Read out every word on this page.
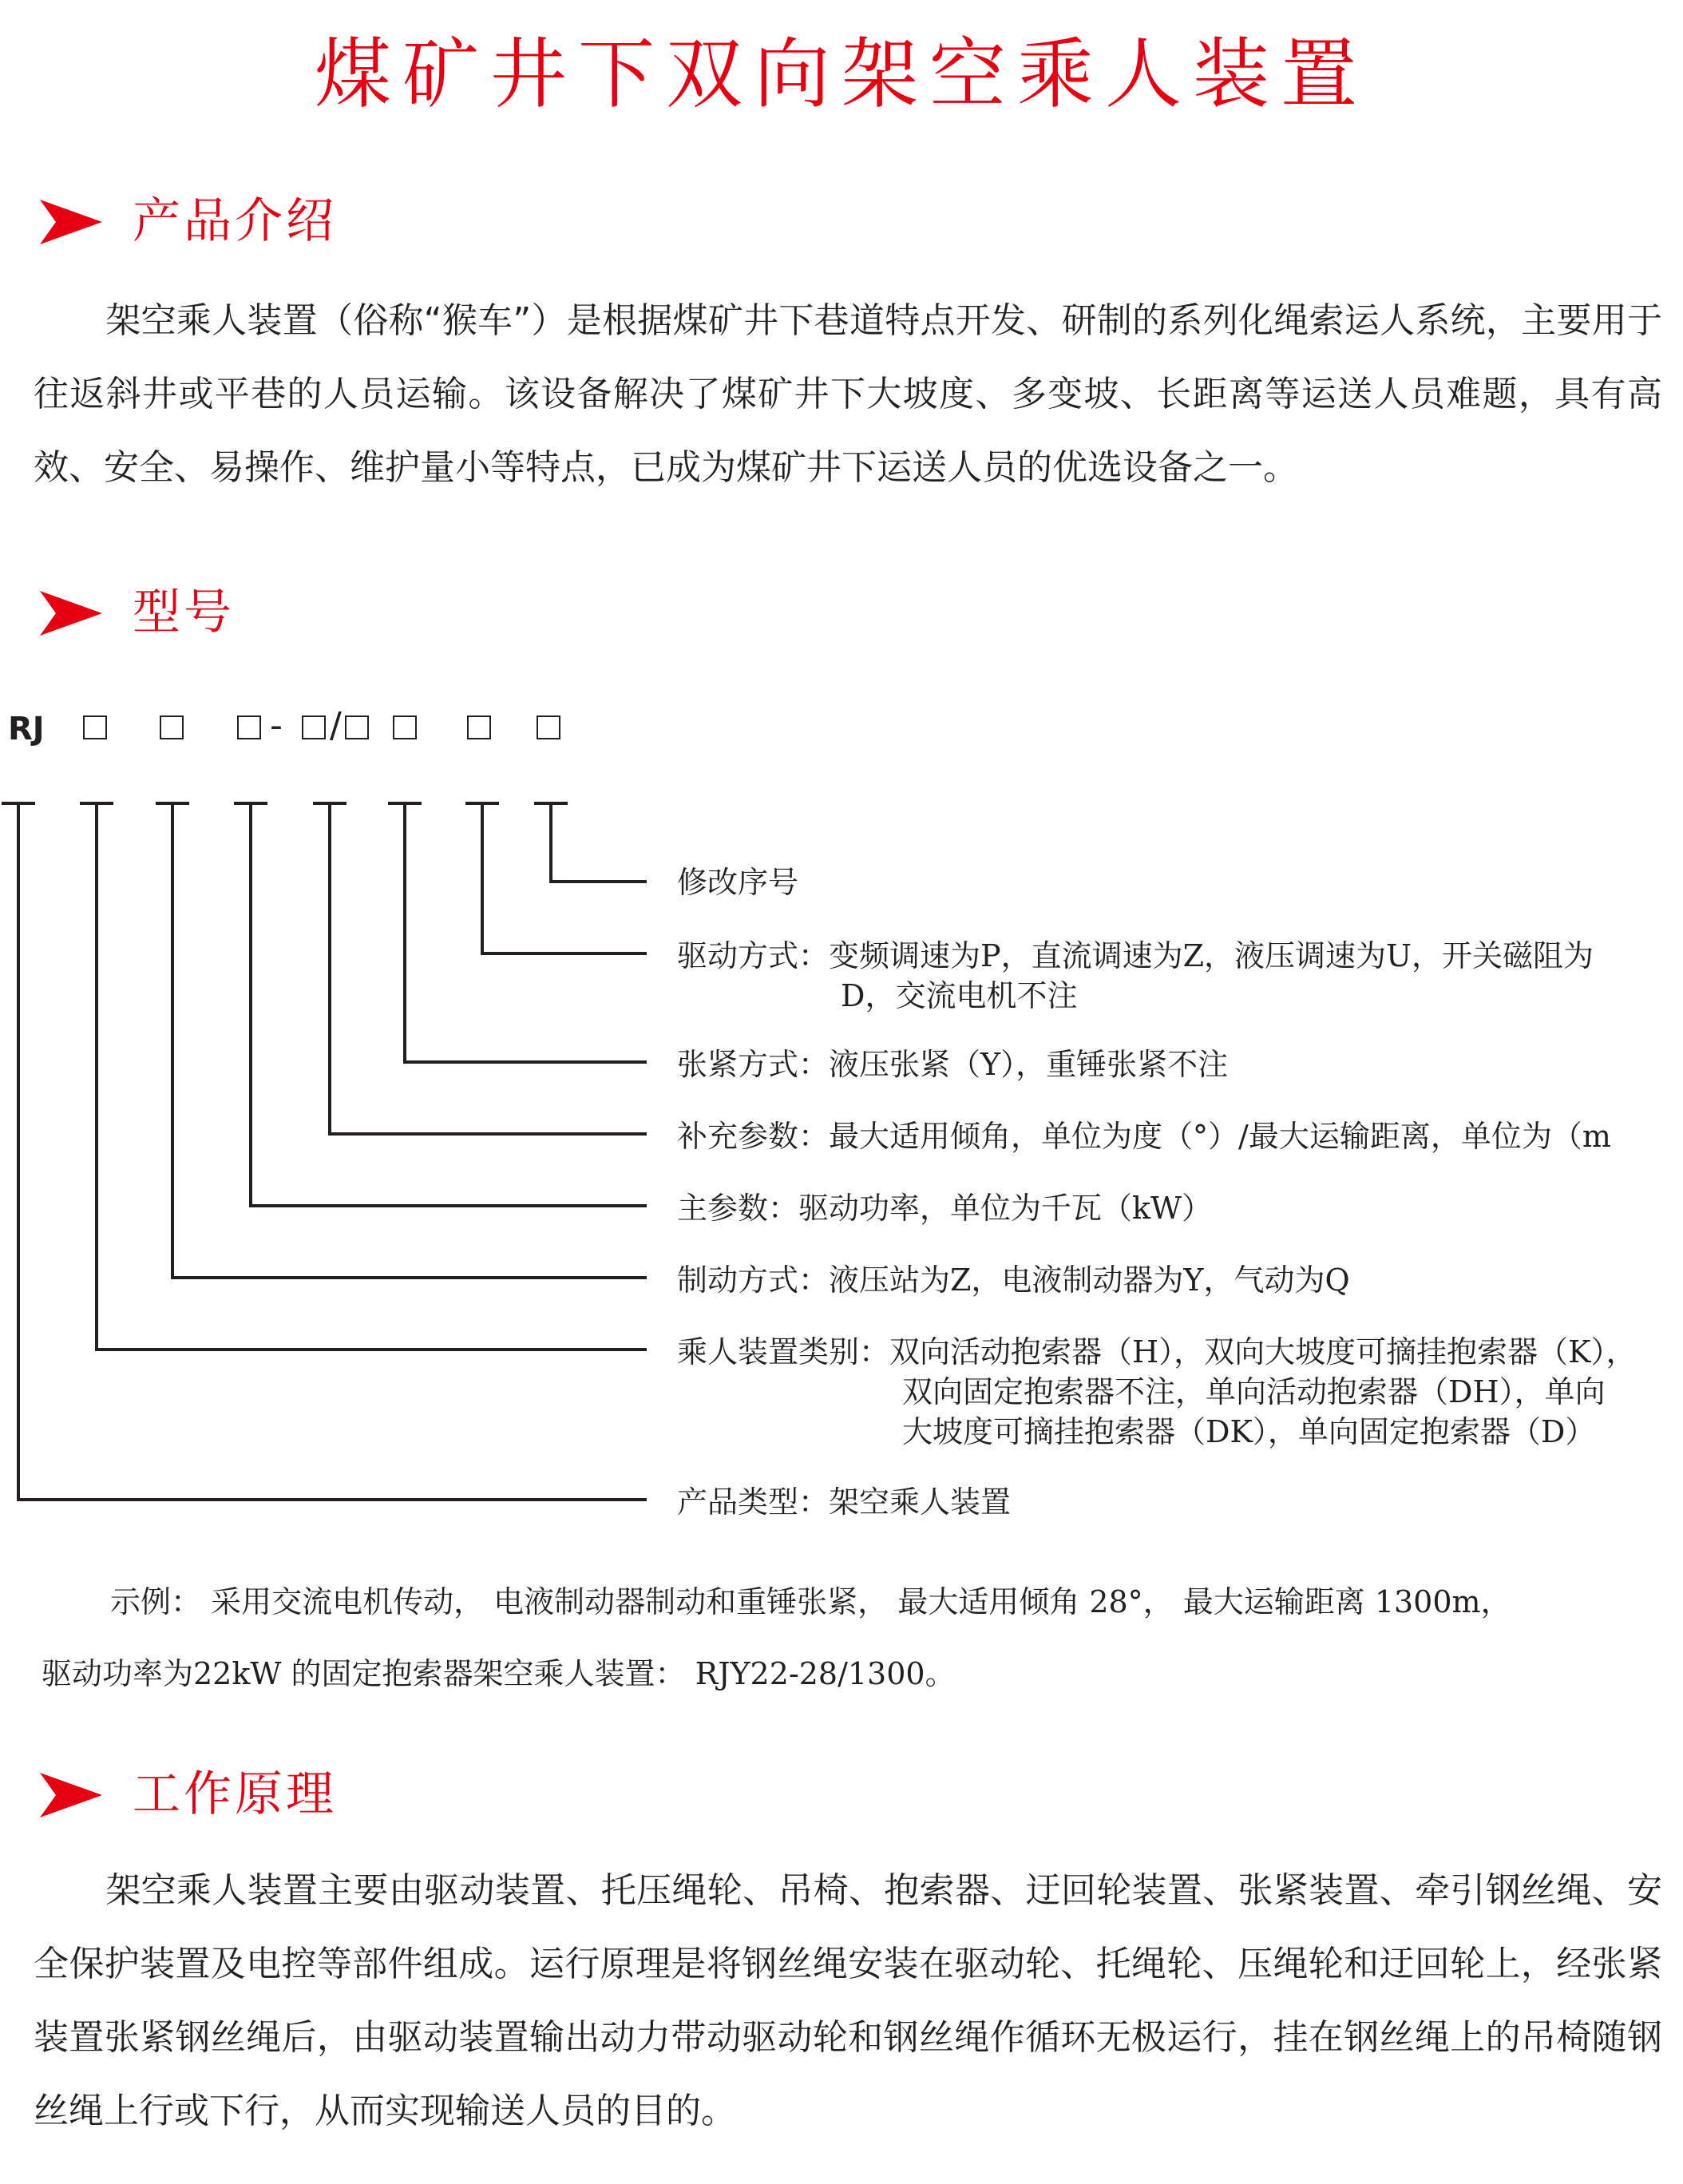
煤矿井下双向架空乘人装置
产品介绍
架空乘人装置（俗称“猴车”）是根据煤矿井下巷道特点开发、研制的系列化绳索运人系统，主要用于往返斜井或平巷的人员运输。该设备解决了煤矿井下大坡度、多变坡、长距离等运送人员难题，具有高效、安全、易操作、维护量小等特点，已成为煤矿井下运送人员的优选设备之一。
型号
RJ	- /
修改序号
驱动方式：变频调速为P，直流调速为Z，液压调速为U，开关磁阻为
D，交流电机不注
张紧方式：液压张紧（Y），重锤张紧不注
补充参数：最大适用倾角，单位为度（°）/最大运输距离，单位为（m
主参数：驱动功率，单位为千瓦（kW）
制动方式：液压站为Z，电液制动器为Y，气动为Q
乘人装置类别：双向活动抱索器（H），双向大坡度可摘挂抱索器（K），
双向固定抱索器不注，单向活动抱索器（DH），单向
大坡度可摘挂抱索器（DK），单向固定抱索器（D）
产品类型：架空乘人装置
示例： 采用交流电机传动， 电液制动器制动和重锤张紧， 最大适用倾角 28°， 最大运输距离 1300m，
驱动功率为22kW 的固定抱索器架空乘人装置： RJY22-28/1300。
工作原理
架空乘人装置主要由驱动装置、托压绳轮、吊椅、抱索器、迂回轮装置、张紧装置、牵引钢丝绳、安全保护装置及电控等部件组成。运行原理是将钢丝绳安装在驱动轮、托绳轮、压绳轮和迂回轮上，经张紧装置张紧钢丝绳后，由驱动装置输出动力带动驱动轮和钢丝绳作循环无极运行，挂在钢丝绳上的吊椅随钢丝绳上行或下行，从而实现输送人员的目的。
